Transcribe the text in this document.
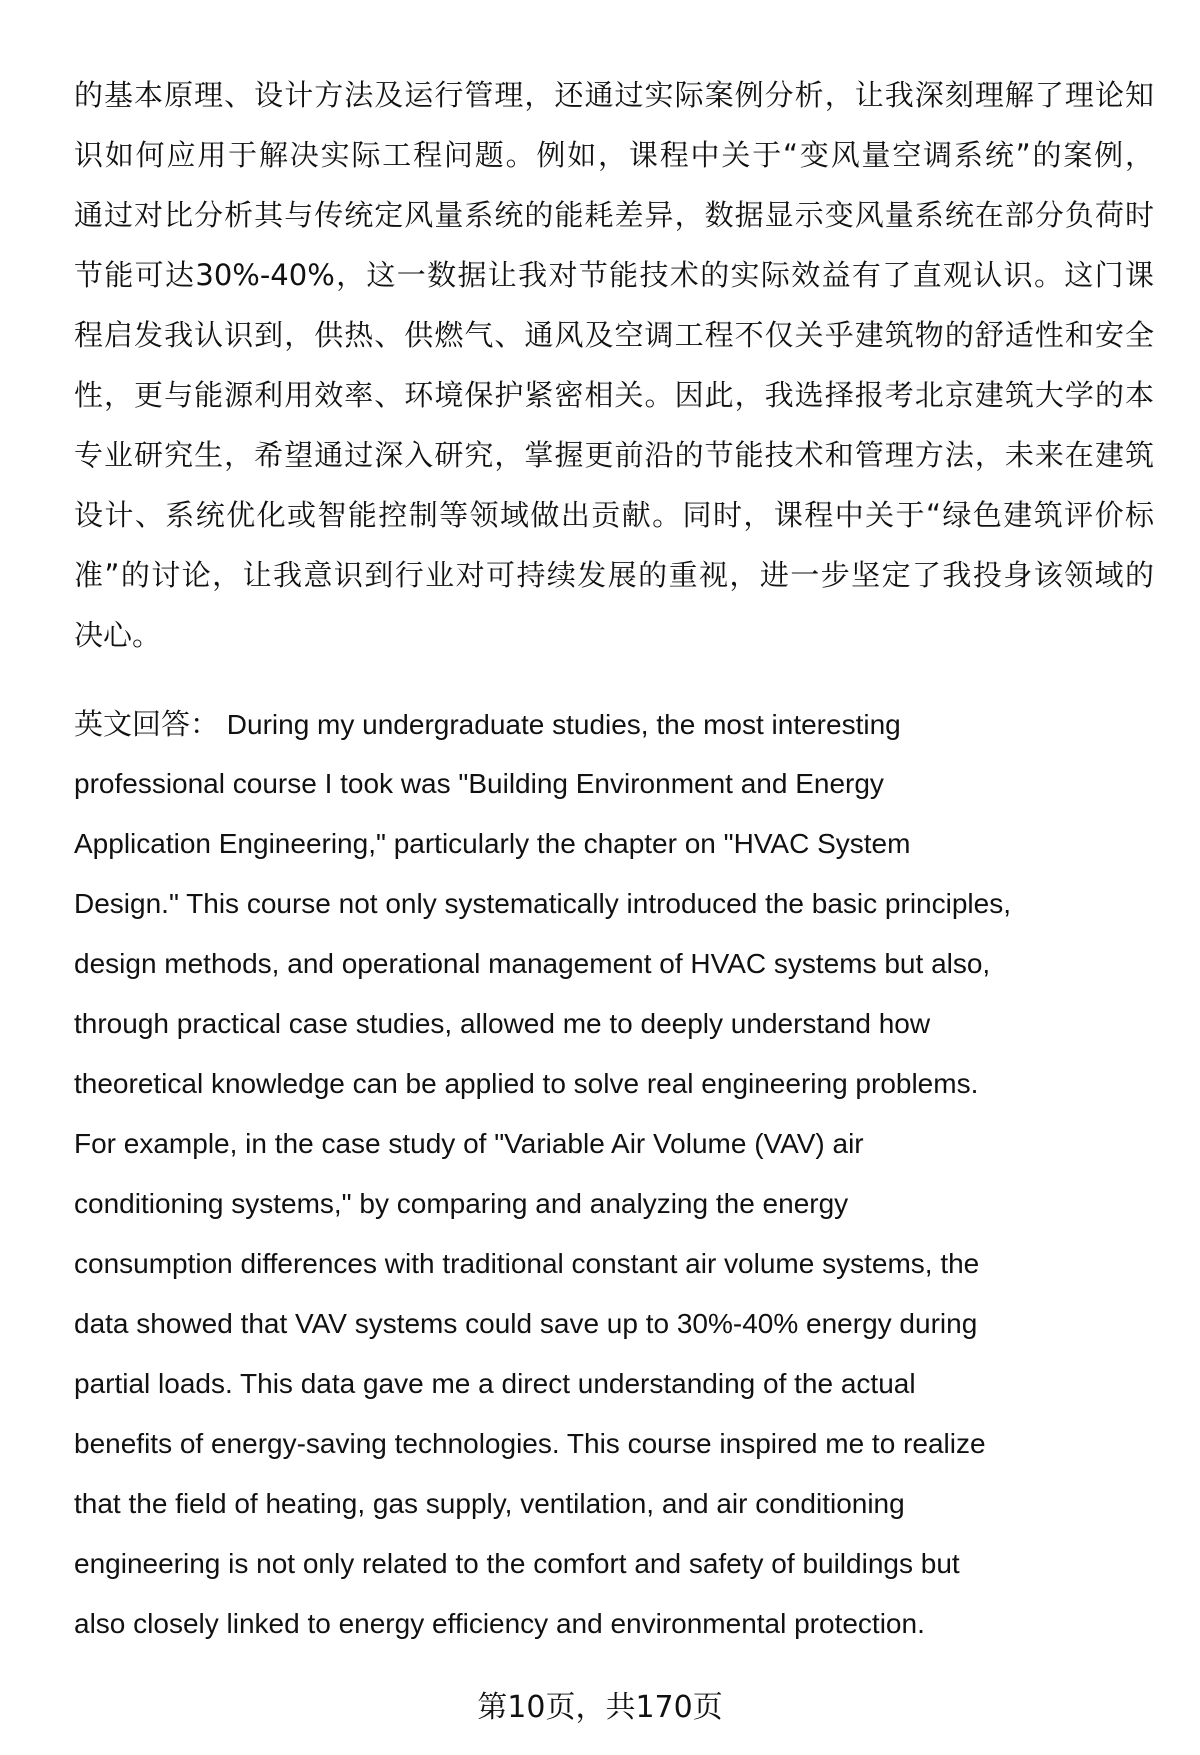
的基本原理、设计方法及运行管理，还通过实际案例分析，让我深刻理解了理论知
识如何应用于解决实际工程问题。例如，课程中关于“变风量空调系统”的案例，
通过对比分析其与传统定风量系统的能耗差异，数据显示变风量系统在部分负荷时
节能可达30%-40%，这一数据让我对节能技术的实际效益有了直观认识。这门课
程启发我认识到，供热、供燃气、通风及空调工程不仅关乎建筑物的舒适性和安全
性，更与能源利用效率、环境保护紧密相关。因此，我选择报考北京建筑大学的本
专业研究生，希望通过深入研究，掌握更前沿的节能技术和管理方法，未来在建筑
设计、系统优化或智能控制等领域做出贡献。同时，课程中关于“绿色建筑评价标
准”的讨论，让我意识到行业对可持续发展的重视，进一步坚定了我投身该领域的
决心。
英文回答： During my undergraduate studies, the most interesting
professional course I took was "Building Environment and Energy
Application Engineering," particularly the chapter on "HVAC System
Design." This course not only systematically introduced the basic principles,
design methods, and operational management of HVAC systems but also,
through practical case studies, allowed me to deeply understand how
theoretical knowledge can be applied to solve real engineering problems.
For example, in the case study of "Variable Air Volume (VAV) air
conditioning systems," by comparing and analyzing the energy
consumption differences with traditional constant air volume systems, the
data showed that VAV systems could save up to 30%-40% energy during
partial loads. This data gave me a direct understanding of the actual
benefits of energy-saving technologies. This course inspired me to realize
that the field of heating, gas supply, ventilation, and air conditioning
engineering is not only related to the comfort and safety of buildings but
also closely linked to energy efficiency and environmental protection.
第10页，共170页
